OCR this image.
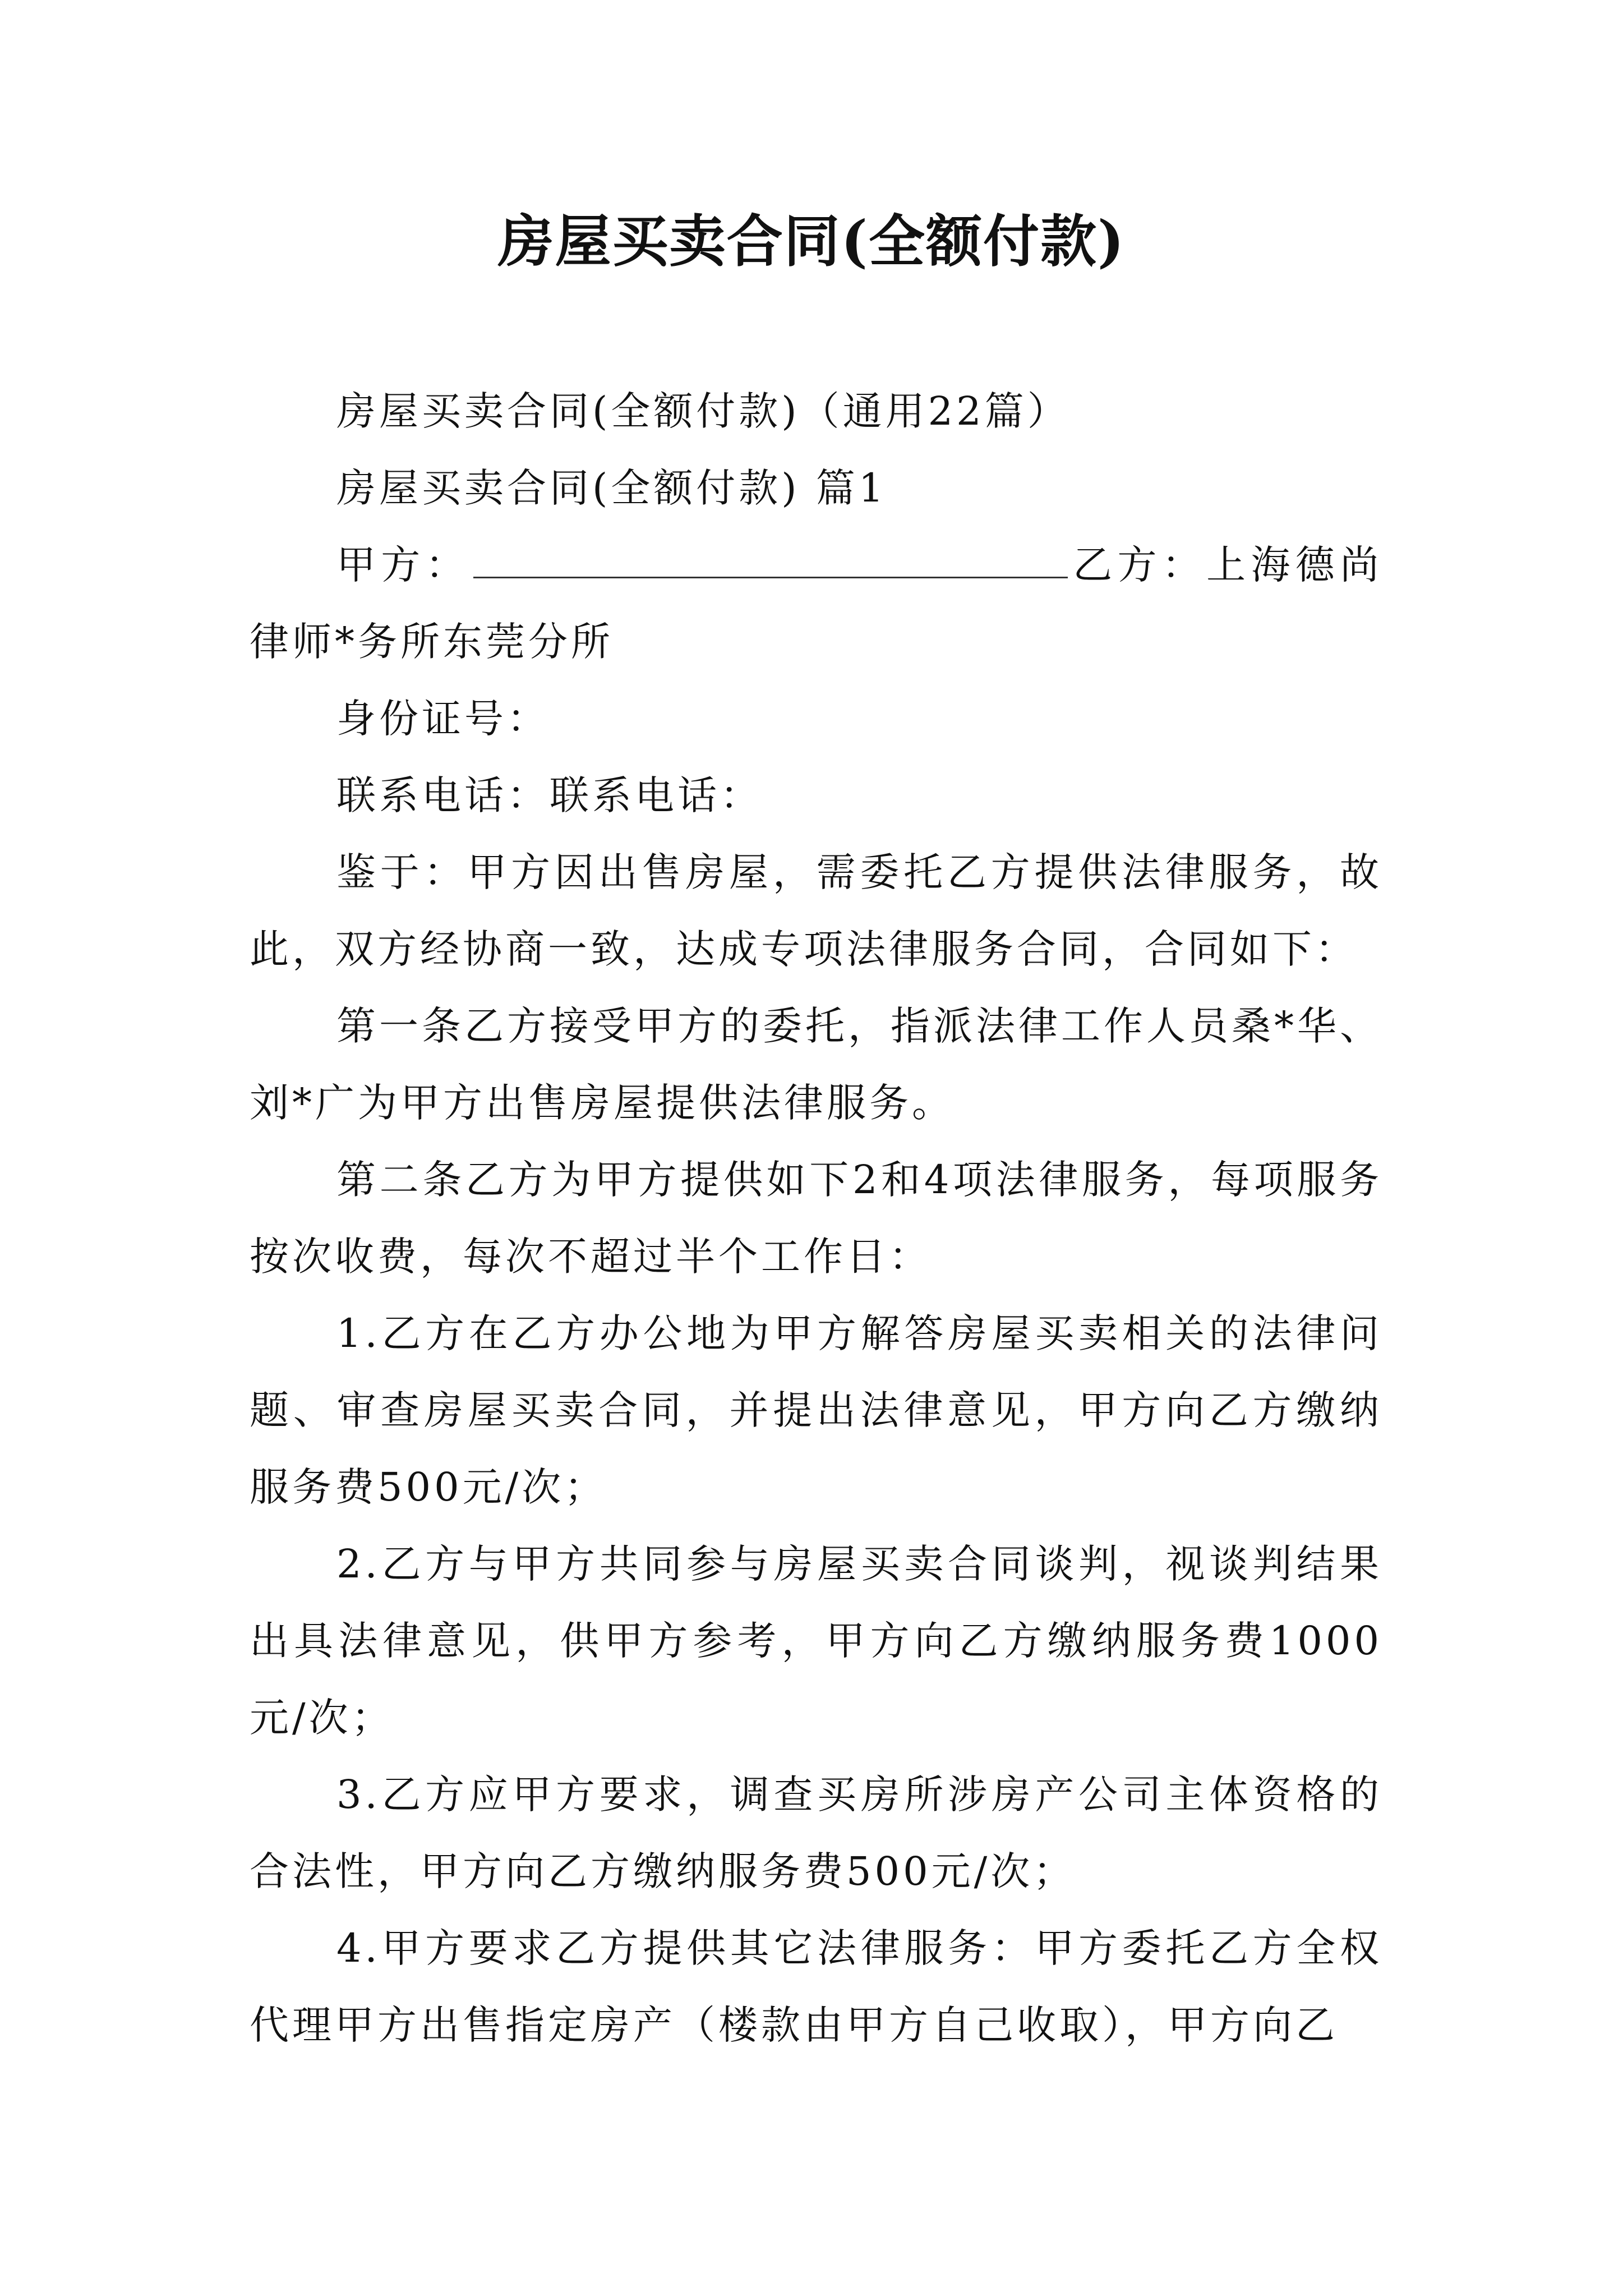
房屋买卖合同(全额付款)

房屋买卖合同(全额付款)（通用22篇）

房屋买卖合同(全额付款) 篇1

甲方：	乙方：上海德尚律师*务所东莞分所

身份证号：

联系电话：联系电话：

鉴于：甲方因出售房屋，需委托乙方提供法律服务，故此，双方经协商一致，达成专项法律服务合同，合同如下：

第一条乙方接受甲方的委托，指派法律工作人员桑*华、刘*广为甲方出售房屋提供法律服务。

第二条乙方为甲方提供如下2和4项法律服务，每项服务按次收费，每次不超过半个工作日：

1.乙方在乙方办公地为甲方解答房屋买卖相关的法律问题、审查房屋买卖合同，并提出法律意见，甲方向乙方缴纳服务费500元/次；

2.乙方与甲方共同参与房屋买卖合同谈判，视谈判结果出具法律意见，供甲方参考，甲方向乙方缴纳服务费1000元/次；

3.乙方应甲方要求，调查买房所涉房产公司主体资格的合法性，甲方向乙方缴纳服务费500元/次；

4.甲方要求乙方提供其它法律服务：甲方委托乙方全权代理甲方出售指定房产（楼款由甲方自己收取），甲方向乙
